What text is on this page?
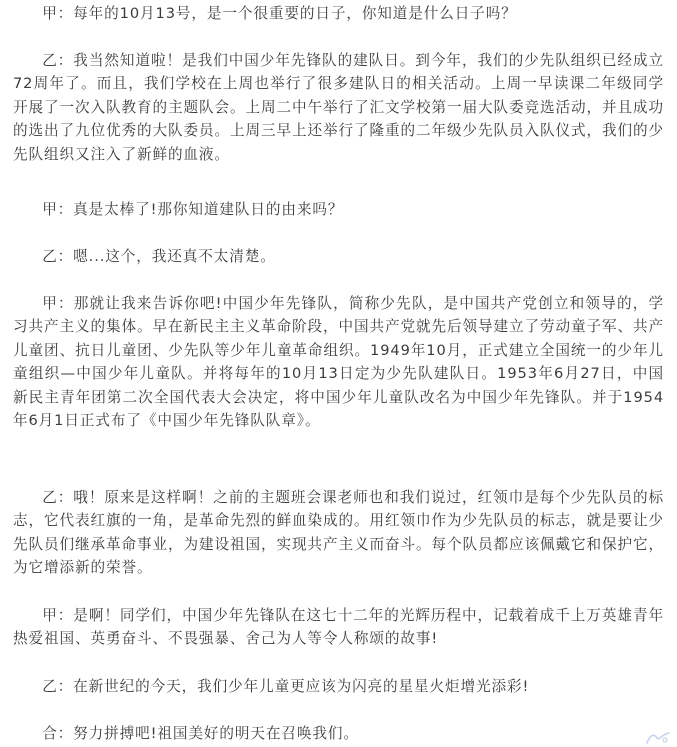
甲：每年的10月13号，是一个很重要的日子，你知道是什么日子吗？

乙：我当然知道啦！是我们中国少年先锋队的建队日。到今年，我们的少先队组织已经成立72周年了。而且，我们学校在上周也举行了很多建队日的相关活动。上周一早读课二年级同学开展了一次入队教育的主题队会。上周二中午举行了汇文学校第一届大队委竞选活动，并且成功的选出了九位优秀的大队委员。上周三早上还举行了隆重的二年级少先队员入队仪式，我们的少先队组织又注入了新鲜的血液。

甲：真是太棒了!那你知道建队日的由来吗？

乙：嗯...这个，我还真不太清楚。

甲：那就让我来告诉你吧!中国少年先锋队，简称少先队，是中国共产党创立和领导的，学习共产主义的集体。早在新民主主义革命阶段，中国共产党就先后领导建立了劳动童子军、共产儿童团、抗日儿童团、少先队等少年儿童革命组织。1949年10月，正式建立全国统一的少年儿童组织—中国少年儿童队。并将每年的10月13日定为少先队建队日。1953年6月27日，中国新民主青年团第二次全国代表大会决定，将中国少年儿童队改名为中国少年先锋队。并于1954年6月1日正式布了《中国少年先锋队队章》。

乙：哦！原来是这样啊！之前的主题班会课老师也和我们说过，红领巾是每个少先队员的标志，它代表红旗的一角，是革命先烈的鲜血染成的。用红领巾作为少先队员的标志，就是要让少先队员们继承革命事业，为建设祖国，实现共产主义而奋斗。每个队员都应该佩戴它和保护它，为它增添新的荣誉。

甲：是啊！同学们，中国少年先锋队在这七十二年的光辉历程中，记载着成千上万英雄青年热爱祖国、英勇奋斗、不畏强暴、舍己为人等令人称颂的故事!

乙：在新世纪的今天，我们少年儿童更应该为闪亮的星星火炬增光添彩!

合：努力拼搏吧!祖国美好的明天在召唤我们。
